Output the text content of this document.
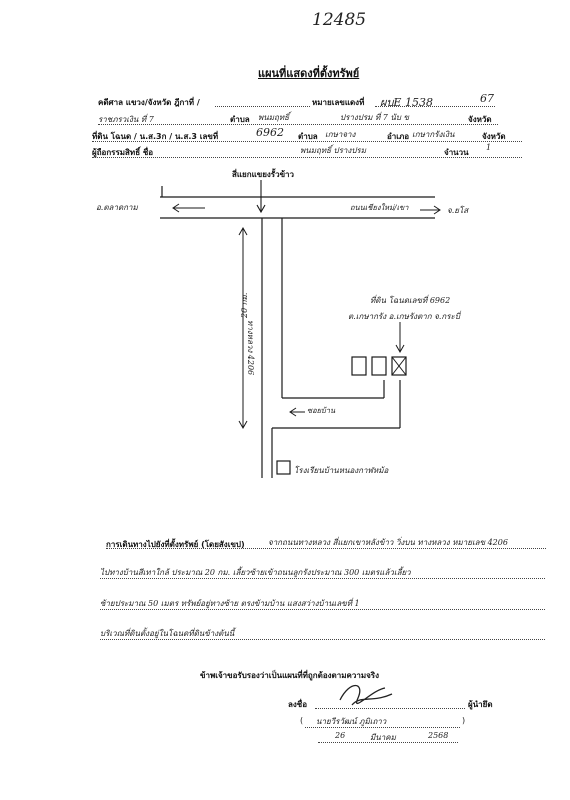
12485
แผนที่แสดงที่ตั้งทรัพย์
คดีศาล แขวง/จังหวัด ฎีกาที่ /	หมายเลขแดงที่ ผบE 1538	67
ราชภรวเงิน ที่ 7	ตำบล พนมฤทธิ์	ปรางปรม ที่ 7 นับ ข	จังหวัด
ที่ดิน โฉนด / น.ส.3ก / น.ส.3 เลขที่	6962 ตำบล เกษาจาง	อำเภอ เกษากรังเงิน	จังหวัด
ผู้ถือกรรมสิทธิ์ ชื่อ	พนมฤทธิ์ ปรางปรม	จำนวน
1
สี่แยกแขยงรั้วข้าว
อ.ตลาดกาม	ถนนเชียงใหม่/เขา	จ.ยโส
ทางหลวง 4206
20 กม.	ที่ดิน โฉนดเลขที่ 6962
ต.เกษากรัง อ.เกษรังตาก จ.กระบี่
ซอยบ้าน
โรงเรียนบ้านหนองกาฬหม้อ
การเดินทางไปยังที่ตั้งทรัพย์ (โดยสังเขป)	จากถนนทางหลวง สี่แยกเขาหลังข้าว วิ่งบน ทางหลวง หมายเลข 4206
ไปทางบ้านสีเทาใกล้ ประมาณ 20 กม. เลี้ยวซ้ายเข้าถนนลูกรังประมาณ 300 เมตรแล้วเลี้ยว
ซ้ายประมาณ 50 เมตร ทรัพย์อยู่ทางซ้าย ตรงข้ามบ้าน แสงสว่างบ้านเลขที่ 1
บริเวณที่ดินตั้งอยู่ในโฉนดที่ดินข้างต้นนี้
ข้าพเจ้าขอรับรองว่าเป็นแผนที่ที่ถูกต้องตามความจริง
ลงชื่อ	ผู้นำยึด
( นายวีรวัฒน์ ภูมิเถาว	)
26	มีนาคม	2568
